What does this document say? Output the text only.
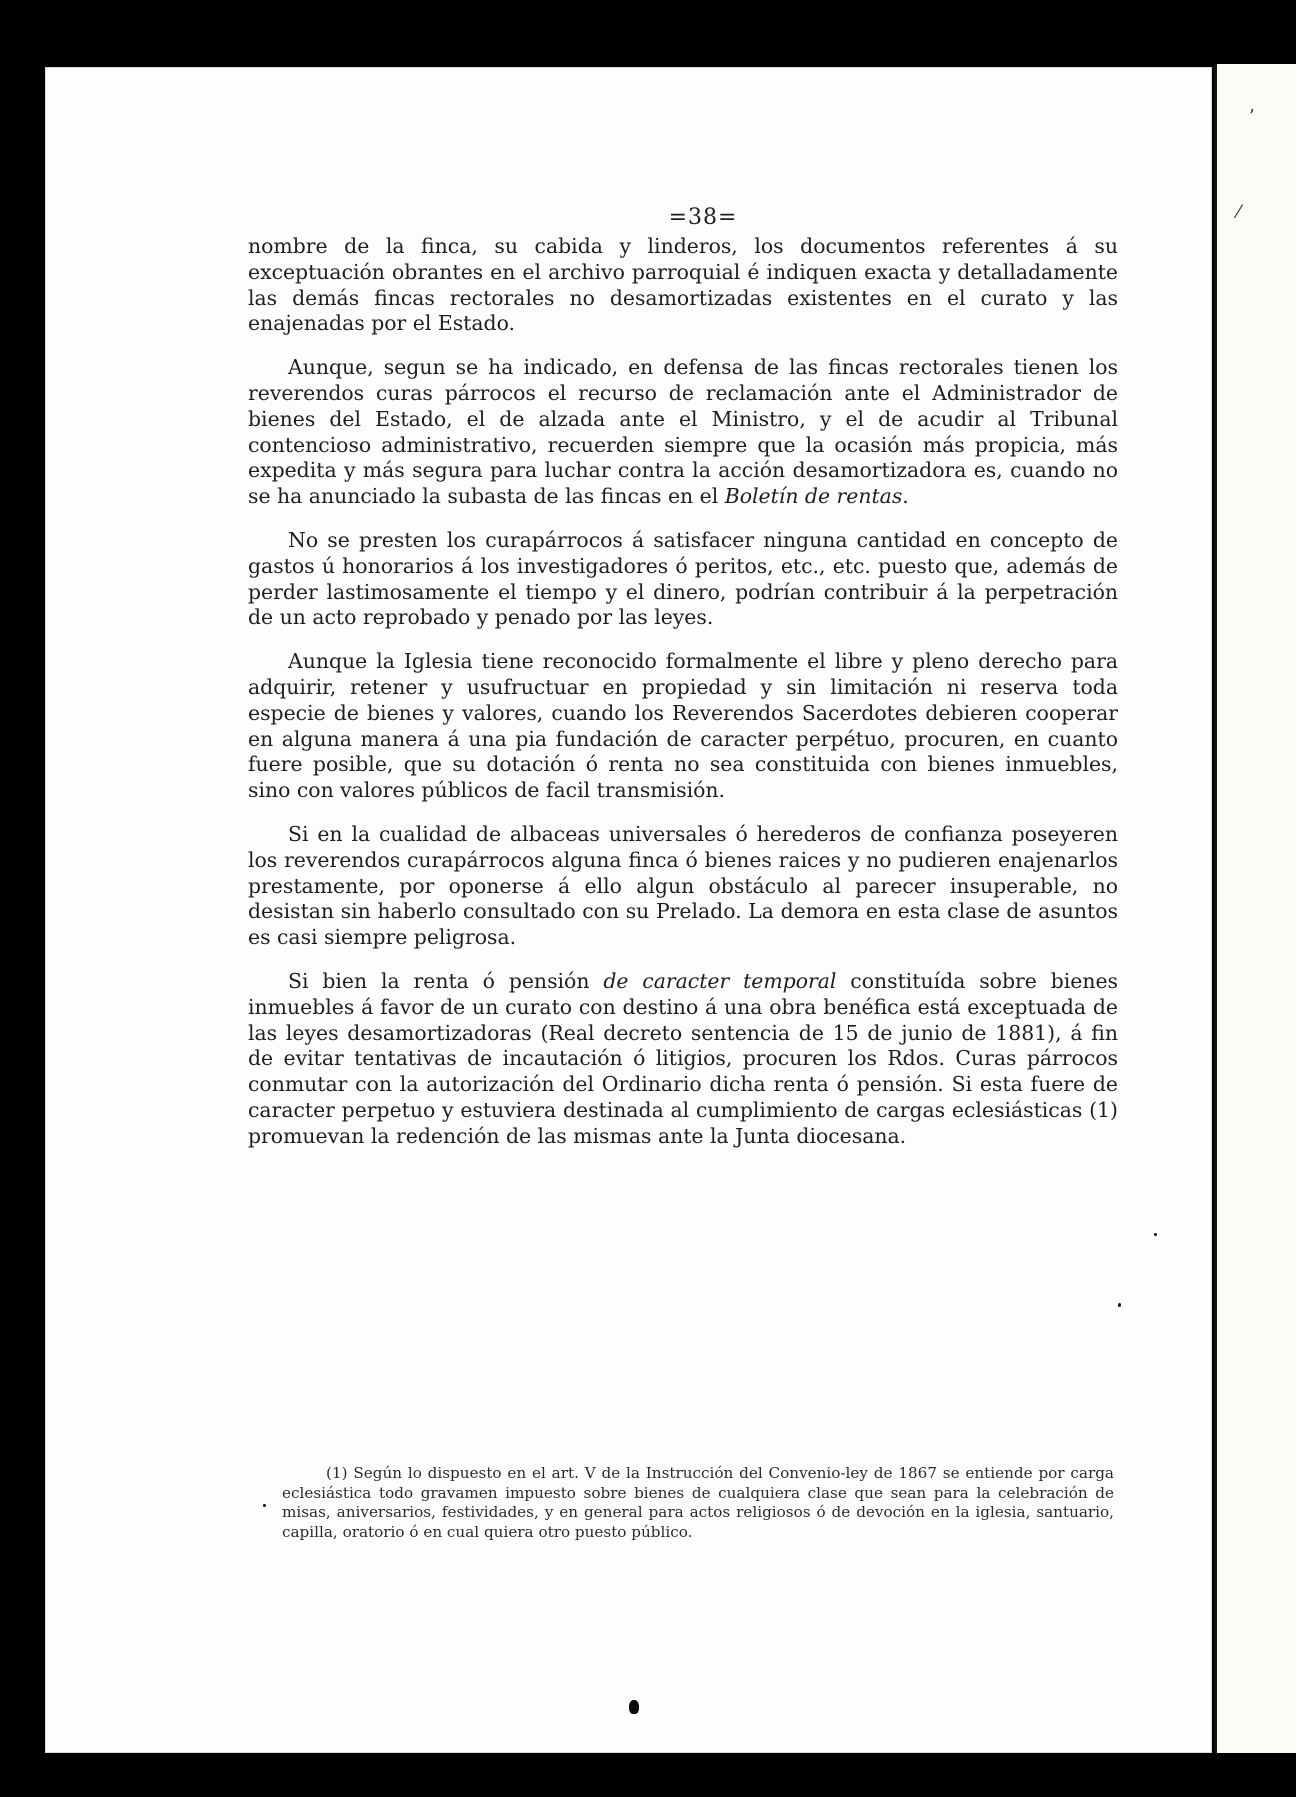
’
⁄
=38=

nombre de la finca, su cabida y linderos, los documentos referentes á su exceptuación obrantes en el archivo parroquial é indiquen exacta y detalladamente las demás fincas rectorales no desamortizadas existentes en el curato y las enajenadas por el Estado.

Aunque, segun se ha indicado, en defensa de las fincas rectorales tienen los reverendos curas párrocos el recurso de reclamación ante el Administrador de bienes del Estado, el de alzada ante el Ministro, y el de acudir al Tribunal contencioso administrativo, recuerden siempre que la ocasión más propicia, más expedita y más segura para luchar contra la acción desamortizadora es, cuando no se ha anunciado la subasta de las fincas en el Boletín de rentas.

No se presten los curapárrocos á satisfacer ninguna cantidad en concepto de gastos ú honorarios á los investigadores ó peritos, etc., etc. puesto que, además de perder lastimosamente el tiempo y el dinero, podrían contribuir á la perpetración de un acto reprobado y penado por las leyes.

Aunque la Iglesia tiene reconocido formalmente el libre y pleno derecho para adquirir, retener y usufructuar en propiedad y sin limitación ni reserva toda especie de bienes y valores, cuando los Reverendos Sacerdotes debieren cooperar en alguna manera á una pia fundación de caracter perpétuo, procuren, en cuanto fuere posible, que su dotación ó renta no sea constituida con bienes inmuebles, sino con valores públicos de facil transmisión.

Si en la cualidad de albaceas universales ó herederos de confianza poseyeren los reverendos curapárrocos alguna finca ó bienes raices y no pudieren enajenarlos prestamente, por oponerse á ello algun obstáculo al parecer insuperable, no desistan sin haberlo consultado con su Prelado. La demora en esta clase de asuntos es casi siempre peligrosa.

Si bien la renta ó pensión de caracter temporal constituída sobre bienes inmuebles á favor de un curato con destino á una obra benéfica está exceptuada de las leyes desamortizadoras (Real decreto sentencia de 15 de junio de 1881), á fin de evitar tentativas de incautación ó litigios, procuren los Rdos. Curas párrocos conmutar con la autorización del Ordinario dicha renta ó pensión. Si esta fuere de caracter perpetuo y estuviera destinada al cumplimiento de cargas eclesiásticas (1) promuevan la redención de las mismas ante la Junta diocesana.

(1) Según lo dispuesto en el art. V de la Instrucción del Convenio-ley de 1867 se entiende por carga eclesiástica todo gravamen impuesto sobre bienes de cualquiera clase que sean para la celebración de misas, aniversarios, festividades, y en general para actos religiosos ó de devoción en la iglesia, santuario, capilla, oratorio ó en cual quiera otro puesto público.
